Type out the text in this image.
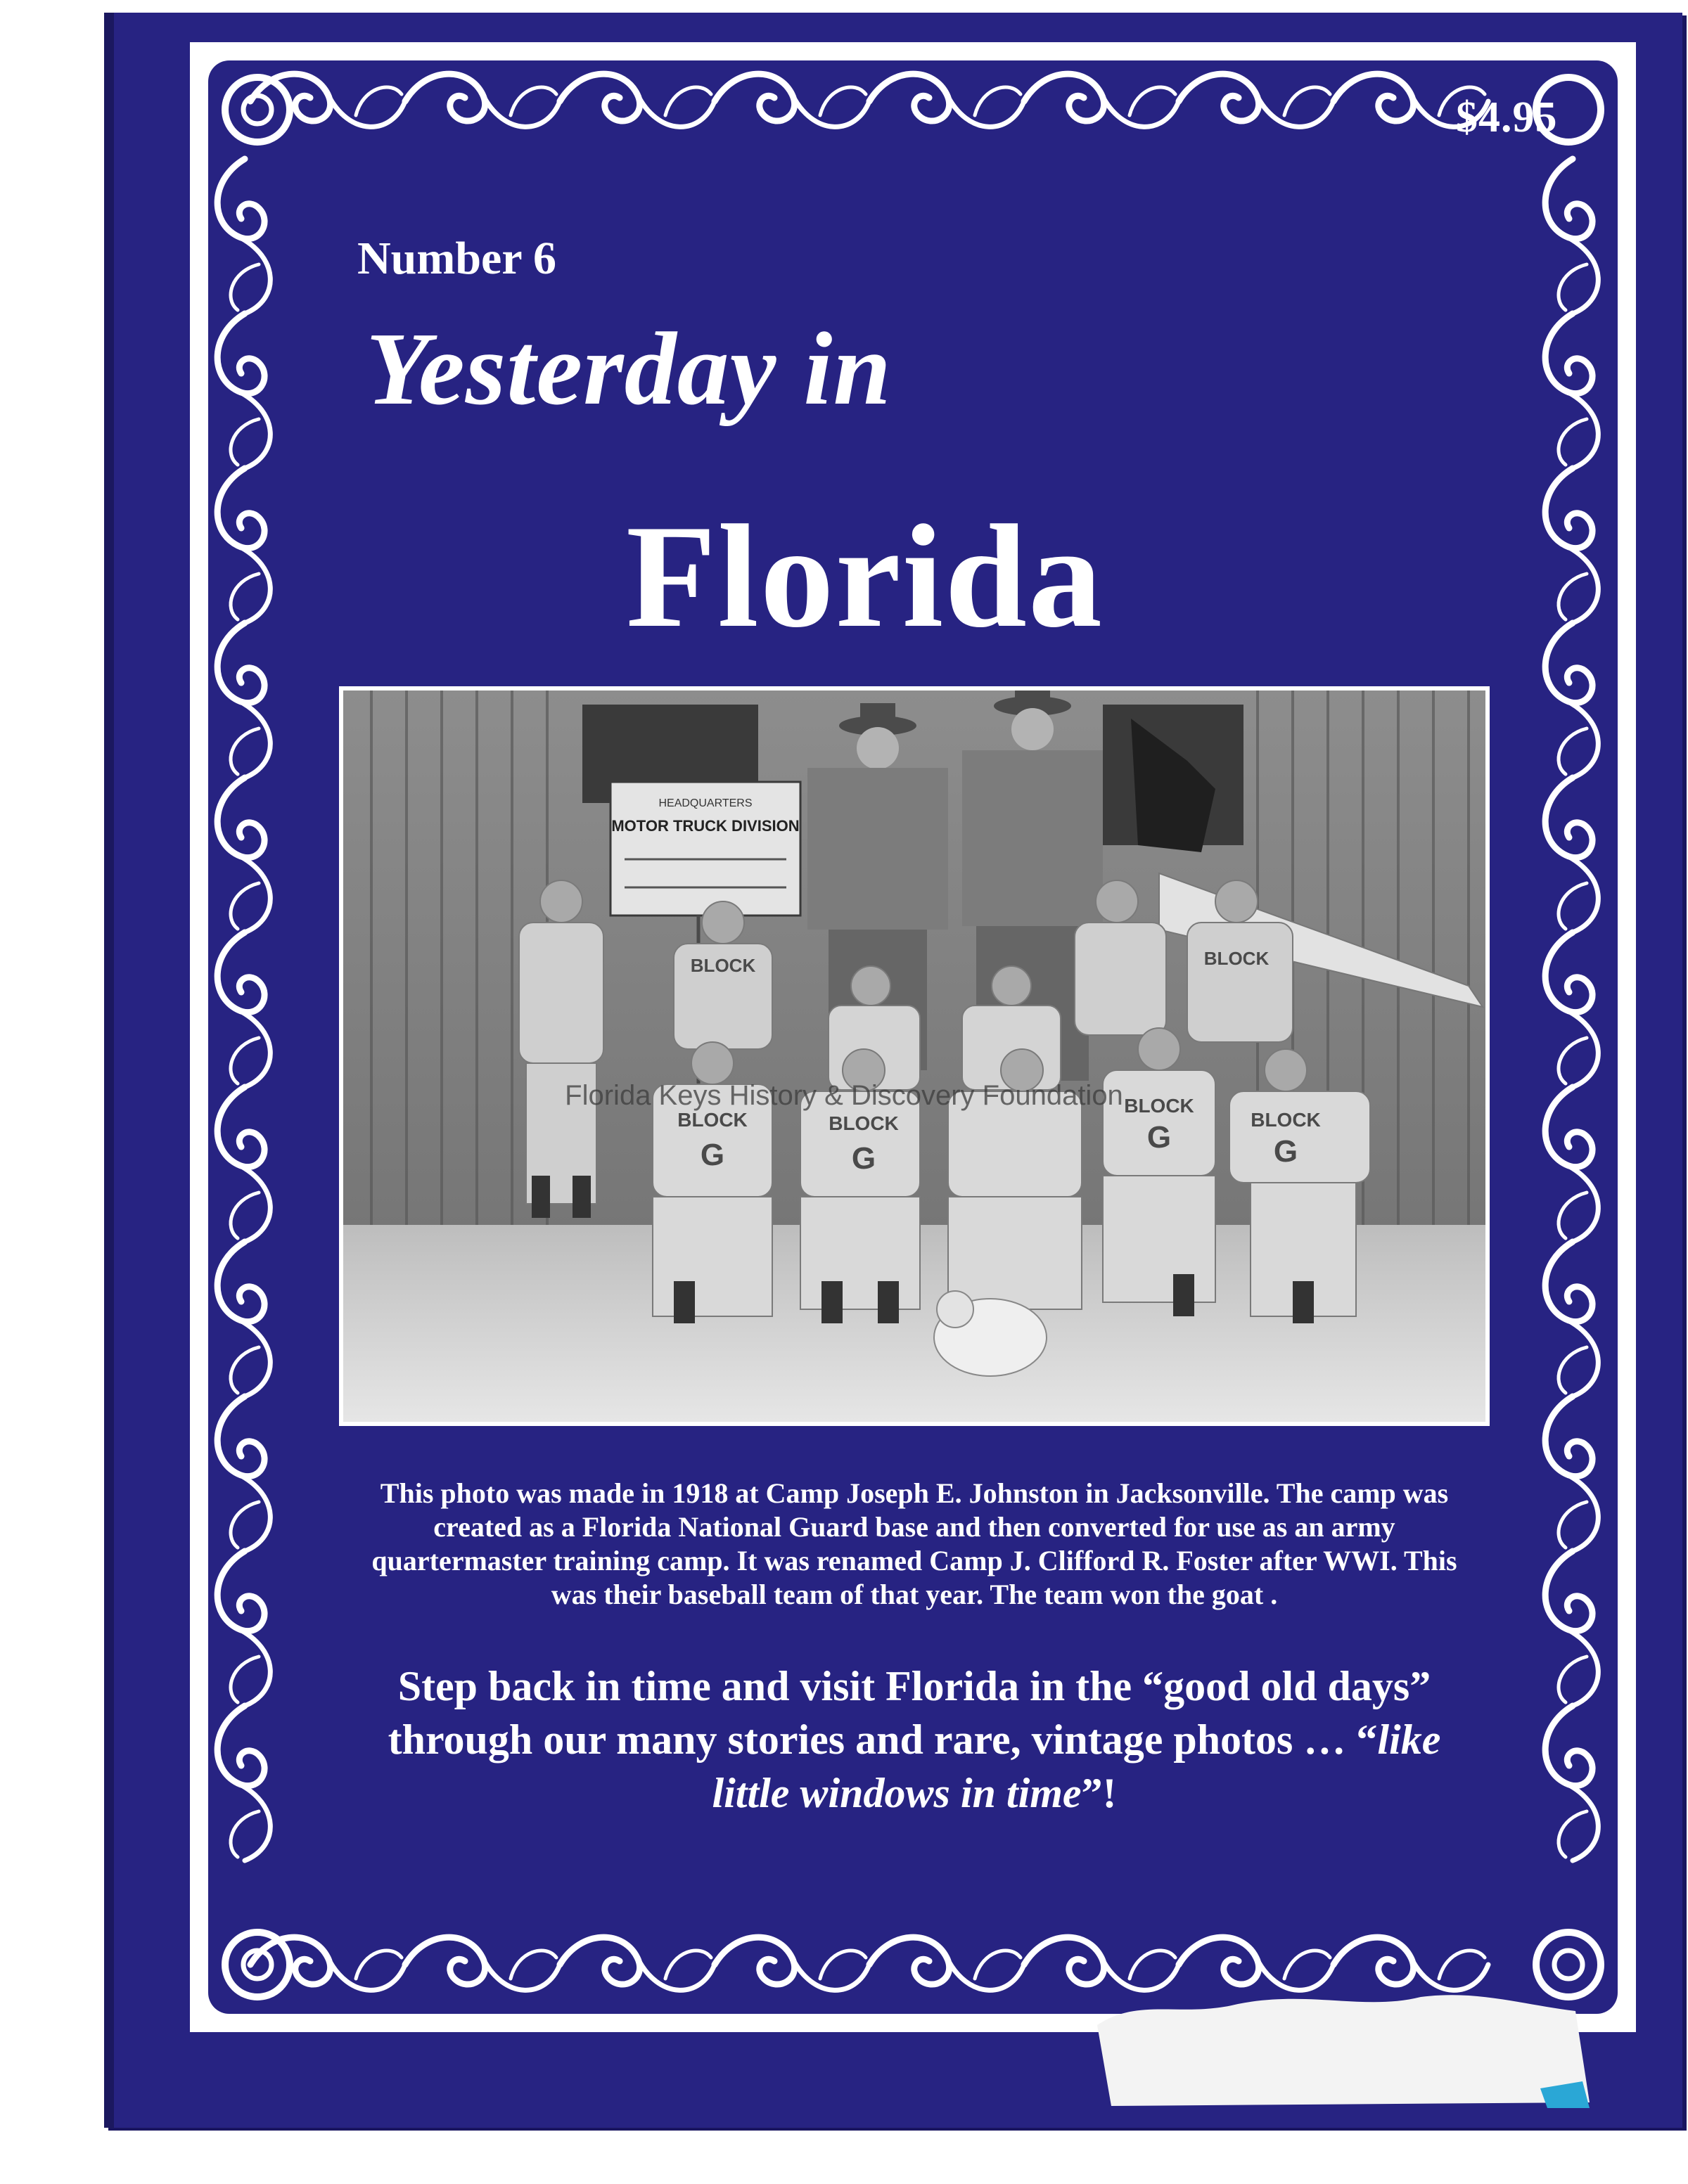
$4.95
Number 6
Yesterday in
Florida
HEADQUARTERS
MOTOR TRUCK DIVISION
BLOCK
G
BLOCK
G
BLOCK
G
BLOCK
G
BLOCK	BLOCK
Florida Keys History & Discovery Foundation
This photo was made in 1918 at Camp Joseph E. Johnston in Jacksonville. The camp was created as a Florida National Guard base and then converted for use as an army quartermaster training camp. It was renamed Camp J. Clifford R. Foster after WWI. This was their baseball team of that year. The team won the goat .
Step back in time and visit Florida in the “good old days” through our many stories and rare, vintage photos … “like little windows in time”!
